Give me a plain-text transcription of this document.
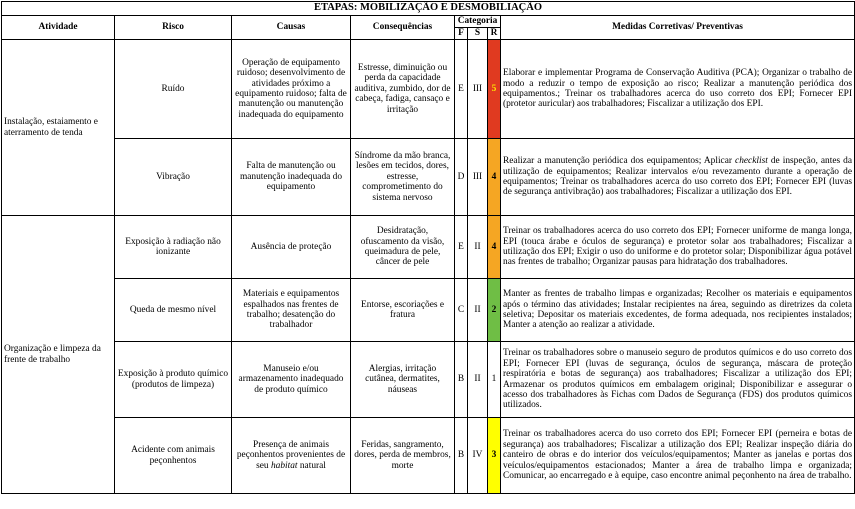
ETAPAS: MOBILIZAÇÃO E DESMOBILIAÇÃO							
Atividade	Risco	Causas	Consequências	Categoria			Medidas Corretivas/ Preventivas
				F	S	R	
Instalação, estaiamento e aterramento de tenda	Ruído	Operação de equipamento ruidoso; desenvolvimento de atividades próximo a equipamento ruidoso; falta de manutenção ou manutenção inadequada do equipamento	Estresse, diminuição ou perda da capacidade auditiva, zumbido, dor de cabeça, fadiga, cansaço e irritação	E	III	5	Elaborar e implementar Programa de Conservação Auditiva (PCA); Organizar o trabalho de modo a reduzir o tempo de exposição ao risco; Realizar a manutenção periódica dos equipamentos.; Treinar os trabalhadores acerca do uso correto dos EPI; Fornecer EPI (protetor auricular) aos trabalhadores; Fiscalizar a utilização dos EPI.
	Vibração	Falta de manutenção ou manutenção inadequada do equipamento	Síndrome da mão branca, lesões em tecidos, dores, estresse, comprometimento do sistema nervoso	D	III	4	Realizar a manutenção periódica dos equipamentos; Aplicar checklist de inspeção, antes da utilização de equipamentos; Realizar intervalos e/ou revezamento durante a operação de equipamentos; Treinar os trabalhadores acerca do uso correto dos EPI; Fornecer EPI (luvas de segurança antivibração) aos trabalhadores; Fiscalizar a utilização dos EPI.
Organização e limpeza da frente de trabalho	Exposição à radiação não ionizante	Ausência de proteção	Desidratação, ofuscamento da visão, queimadura de pele, câncer de pele	E	II	4	Treinar os trabalhadores acerca do uso correto dos EPI; Fornecer uniforme de manga longa, EPI (touca árabe e óculos de segurança) e protetor solar aos trabalhadores; Fiscalizar a utilização dos EPI; Exigir o uso do uniforme e do protetor solar; Disponibilizar água potável nas frentes de trabalho; Organizar pausas para hidratação dos trabalhadores.
	Queda de mesmo nível	Materiais e equipamentos espalhados nas frentes de trabalho; desatenção do trabalhador	Entorse, escoriações e fratura	C	II	2	Manter as frentes de trabalho limpas e organizadas; Recolher os materiais e equipamentos após o término das atividades; Instalar recipientes na área, seguindo as diretrizes da coleta seletiva; Depositar os materiais excedentes, de forma adequada, nos recipientes instalados; Manter a atenção ao realizar a atividade.
	Exposição à produto químico (produtos de limpeza)	Manuseio e/ou armazenamento inadequado de produto químico	Alergias, irritação cutânea, dermatites, náuseas	B	II	1	Treinar os trabalhadores sobre o manuseio seguro de produtos químicos e do uso correto dos EPI; Fornecer EPI (luvas de segurança, óculos de segurança, máscara de proteção respiratória e botas de segurança) aos trabalhadores; Fiscalizar a utilização dos EPI; Armazenar os produtos químicos em embalagem original; Disponibilizar e assegurar o acesso dos trabalhadores às Fichas com Dados de Segurança (FDS) dos produtos químicos utilizados.
	Acidente com animais peçonhentos	Presença de animais peçonhentos provenientes de seu habitat natural	Feridas, sangramento, dores, perda de membros, morte	B	IV	3	Treinar os trabalhadores acerca do uso correto dos EPI; Fornecer EPI (perneira e botas de segurança) aos trabalhadores; Fiscalizar a utilização dos EPI; Realizar inspeção diária do canteiro de obras e do interior dos veículos/equipamentos; Manter as janelas e portas dos veículos/equipamentos estacionados; Manter a área de trabalho limpa e organizada; Comunicar, ao encarregado e à equipe, caso encontre animal peçonhento na área de trabalho.
